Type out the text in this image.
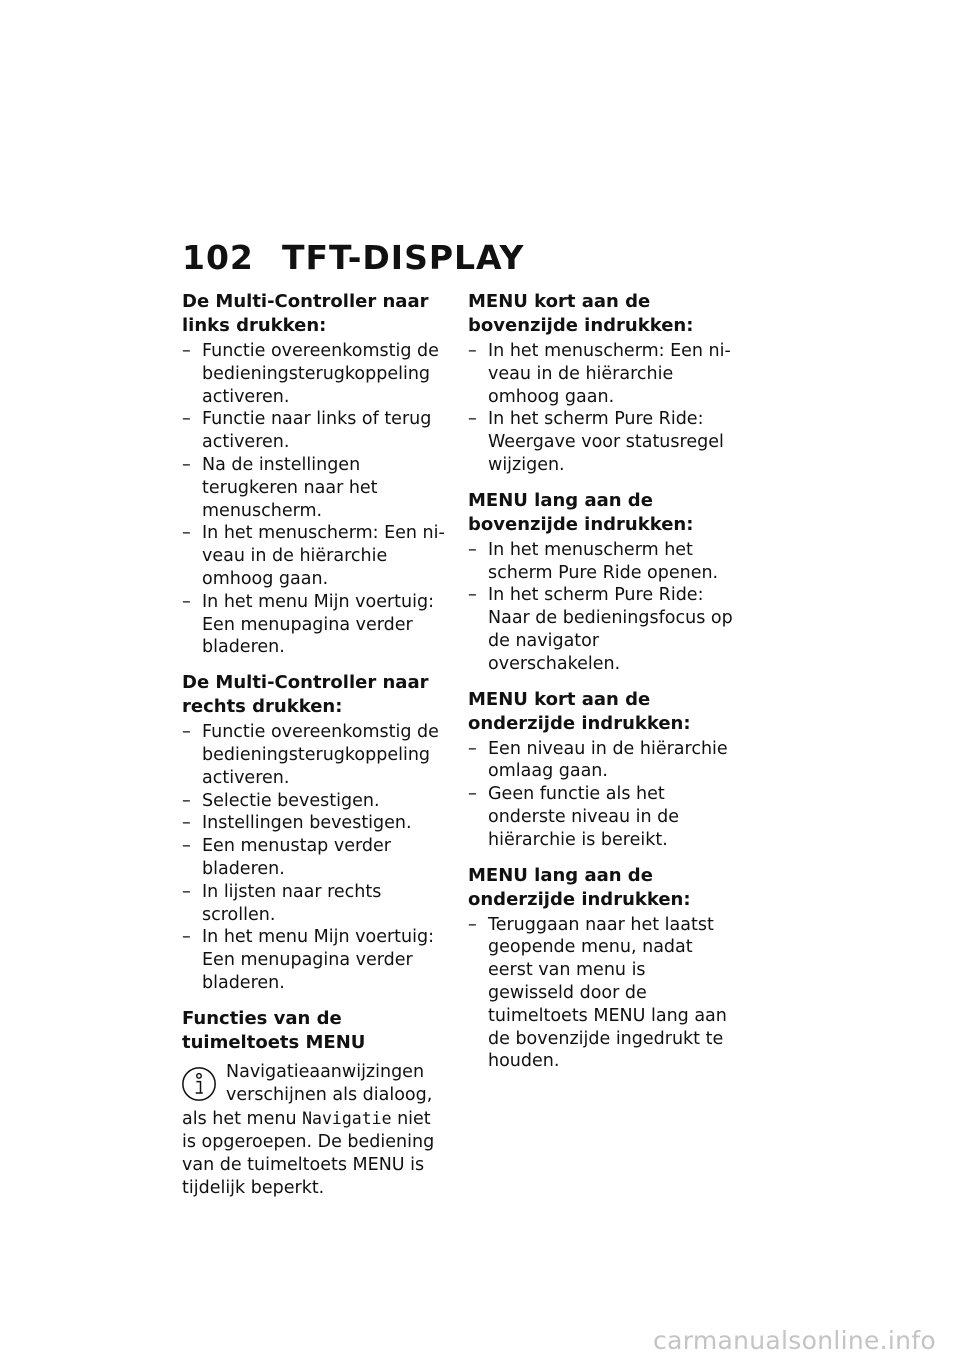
102 TFT-DISPLAY
De Multi-Controller naar links drukken:
– Functie overeenkomstig de bedieningsterugkoppeling activeren.
– Functie naar links of terug activeren.
– Na de instellingen terugkeren naar het menuscherm.
– In het menuscherm: Een niveau in de hiërarchie omhoog gaan.
– In het menu Mijn voertuig: Een menupagina verder bladeren.
De Multi-Controller naar rechts drukken:
– Functie overeenkomstig de bedieningsterugkoppeling activeren.
– Selectie bevestigen.
– Instellingen bevestigen.
– Een menustap verder bladeren.
– In lijsten naar rechts scrollen.
– In het menu Mijn voertuig: Een menupagina verder bladeren.
Functies van de tuimeltoets MENU
Navigatieaanwijzingen verschijnen als dialoog, als het menu Navigatie niet is opgeroepen. De bediening van de tuimeltoets MENU is tijdelijk beperkt.
MENU kort aan de bovenzijde indrukken:
– In het menuscherm: Een niveau in de hiërarchie omhoog gaan.
– In het scherm Pure Ride: Weergave voor statusregel wijzigen.
MENU lang aan de bovenzijde indrukken:
– In het menuscherm het scherm Pure Ride openen.
– In het scherm Pure Ride: Naar de bedieningsfocus op de navigator overschakelen.
MENU kort aan de onderzijde indrukken:
– Een niveau in de hiërarchie omlaag gaan.
– Geen functie als het onderste niveau in de hiërarchie is bereikt.
MENU lang aan de onderzijde indrukken:
– Teruggaan naar het laatst geopende menu, nadat eerst van menu is gewisseld door de tuimeltoets MENU lang aan de bovenzijde ingedrukt te houden.
carmanualsonline.info
